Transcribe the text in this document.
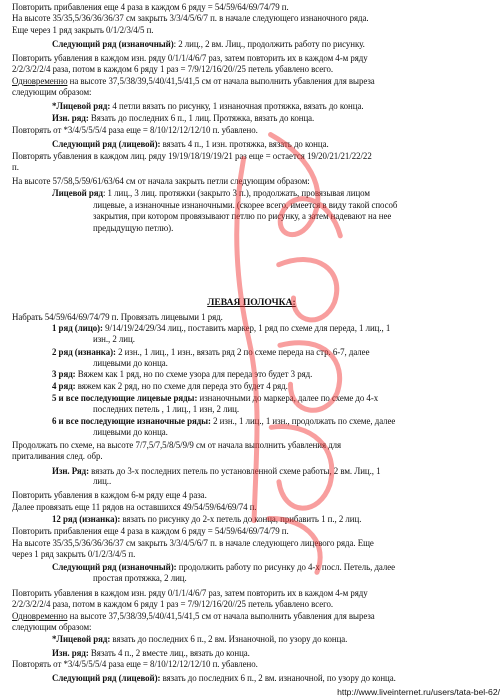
ЛЕВАЯ ПОЛОЧКА:
Повторить прибавления еще 4 раза в каждом 6 ряду = 54/59/64/69/74/79 п.
На высоте 35/35,5/36/36/36/37 см закрыть 3/3/4/5/6/7 п. в начале следующего изнаночного ряда.
Еще через 1 ряд закрыть 0/1/2/3/4/5 п.
Следующий ряд (изнаночный): 2 лиц., 2 вм. Лиц., продолжить работу по рисунку.
Повторить убавления в каждом изн. ряду 0/1/1/4/6/7 раз, затем повторить их в каждом 4-м ряду
2/2/3/2/2/4 раза, потом в каждом 6 ряду 1 раз = 7/9/12/16/20//25 петель убавлено всего.
Одновременно на высоте 37,5/38/39,5/40/41,5/41,5 см от начала выполнить убавления для выреза
следующим образом:
*Лицевой ряд: 4 петли вязать по рисунку, 1 изнаночная протяжка, вязать до конца.
Изн. ряд: Вязать до последних 6 п., 1 лиц. Протяжка, вязать до конца.
Повторять от *3/4/5/5/5/4 раза еще = 8/10/12/12/12/10 п. убавлено.
Следующий ряд (лицевой): вязать 4 п., 1 изн. протяжка, вязать до конца.
Повторять убавления в каждом лиц. ряду 19/19/18/19/19/21 раз еще = остается 19/20/21/21/22/22
п.
На высоте 57/58,5/59/61/63/64 см от начала закрыть петли следующим образом:
Лицевой ряд: 1 лиц., 3 лиц. протяжки (закрыто 3 п.), продолжать, провязывая лицом
лицевые, а изнаночные изнаночными. (скорее всего, имеется в виду такой способ
закрытия, при котором провязывают петлю по рисунку, а затем надевают на нее
предыдущую петлю).
Набрать 54/59/64/69/74/79 п. Провязать лицевыми 1 ряд.
1 ряд (лицо): 9/14/19/24/29/34 лиц., поставить маркер, 1 ряд по схеме для переда, 1 лиц., 1
изн., 2 лиц.
2 ряд (изнанка): 2 изн., 1 лиц., 1 изн., вязать ряд 2 по схеме переда на стр. 6-7, далее
лицевыми до конца.
3 ряд: Вяжем как 1 ряд, но по схеме узора для переда это будет 3 ряд.
4 ряд: вяжем как 2 ряд, но по схеме для переда это будет 4 ряд.
5 и все последующие лицевые ряды: изнаночными до маркера, далее по схеме до 4-х
последних петель , 1 лиц., 1 изн, 2 лиц.
6 и все последующие изнаночные ряды: 2 изн., 1 лиц., 1 изн., продолжать по схеме, далее
лицевыми до конца.
Продолжать по схеме, на высоте 7/7,5/7,5/8/5/9/9 см от начала выполнить убавления для
приталивания след. обр.
Изн. Ряд: вязать до 3-х последних петель по установленной схеме работы, 2 вм. Лиц., 1
лиц..
Повторить убавления в каждом 6-м ряду еще 4 раза.
Далее провязать еще 11 рядов на оставшихся 49/54/59/64/69/74 п.
12 ряд (изнанка): вязать по рисунку до 2-х петель до конца, прибавить 1 п., 2 лиц.
Повторить прибавления еще 4 раза в каждом 6 ряду = 54/59/64/69/74/79 п.
На высоте 35/35,5/36/36/36/37 см закрыть 3/3/4/5/6/7 п. в начале следующего лицевого ряда. Еще
через 1 ряд закрыть 0/1/2/3/4/5 п.
Следующий ряд (изнаночный): продолжить работу по рисунку до 4-х посл. Петель, далее
простая протяжка, 2 лиц.
Повторить убавления в каждом изн. ряду 0/1/1/4/6/7 раз, затем повторить их в каждом 4-м ряду
2/2/3/2/2/4 раза, потом в каждом 6 ряду 1 раз = 7/9/12/16/20//25 петель убавлено всего.
Одновременно на высоте 37,5/38/39,5/40/41,5/41,5 см от начала выполнить убавления для выреза
следующим образом:
*Лицевой ряд: вязать до последних 6 п., 2 вм. Изнаночной, по узору до конца.
Изн. ряд: Вязать 4 п., 2 вместе лиц., вязать до конца.
Повторять от *3/4/5/5/5/4 раза еще = 8/10/12/12/12/10 п. убавлено.
Следующий ряд (лицевой): вязать до последних 6 п., 2 вм. изнаночной, по узору до конца.
http://www.liveinternet.ru/users/tata-bel-62/
